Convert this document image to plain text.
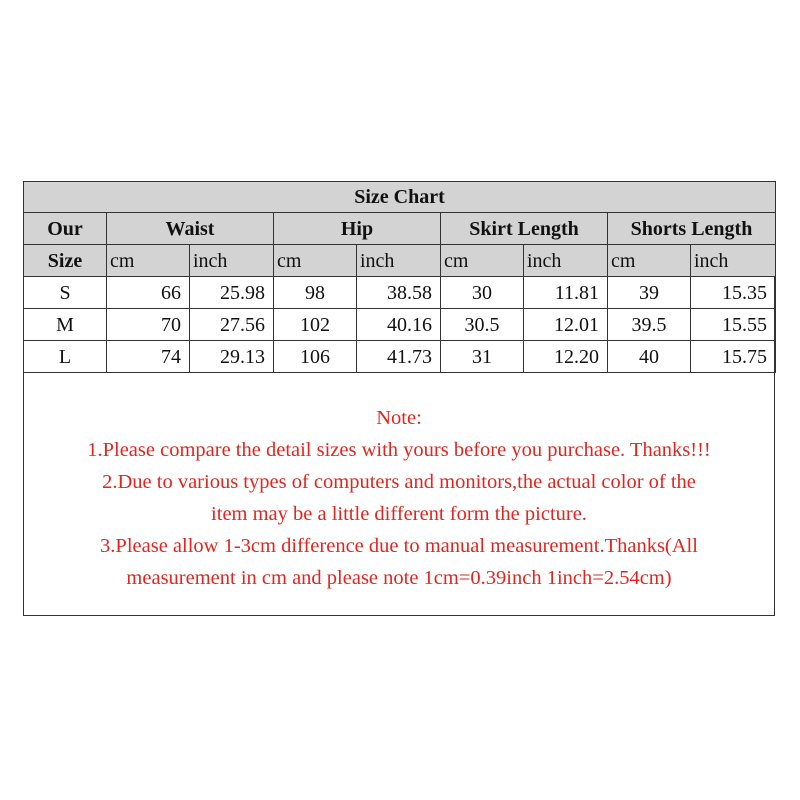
Size Chart								
Our	Waist		Hip		Skirt Length		Shorts Length	
Size	cm	inch	cm	inch	cm	inch	cm	inch
S	66	25.98	98	38.58	30	11.81	39	15.35
M	70	27.56	102	40.16	30.5	12.01	39.5	15.55
L	74	29.13	106	41.73	31	12.20	40	15.75
Note:
1.Please compare the detail sizes with yours before you purchase. Thanks!!!
2.Due to various types of computers and monitors,the actual color of the
item may be a little different form the picture.
3.Please allow 1-3cm difference due to manual measurement.Thanks(All
measurement in cm and please note 1cm=0.39inch 1inch=2.54cm)
